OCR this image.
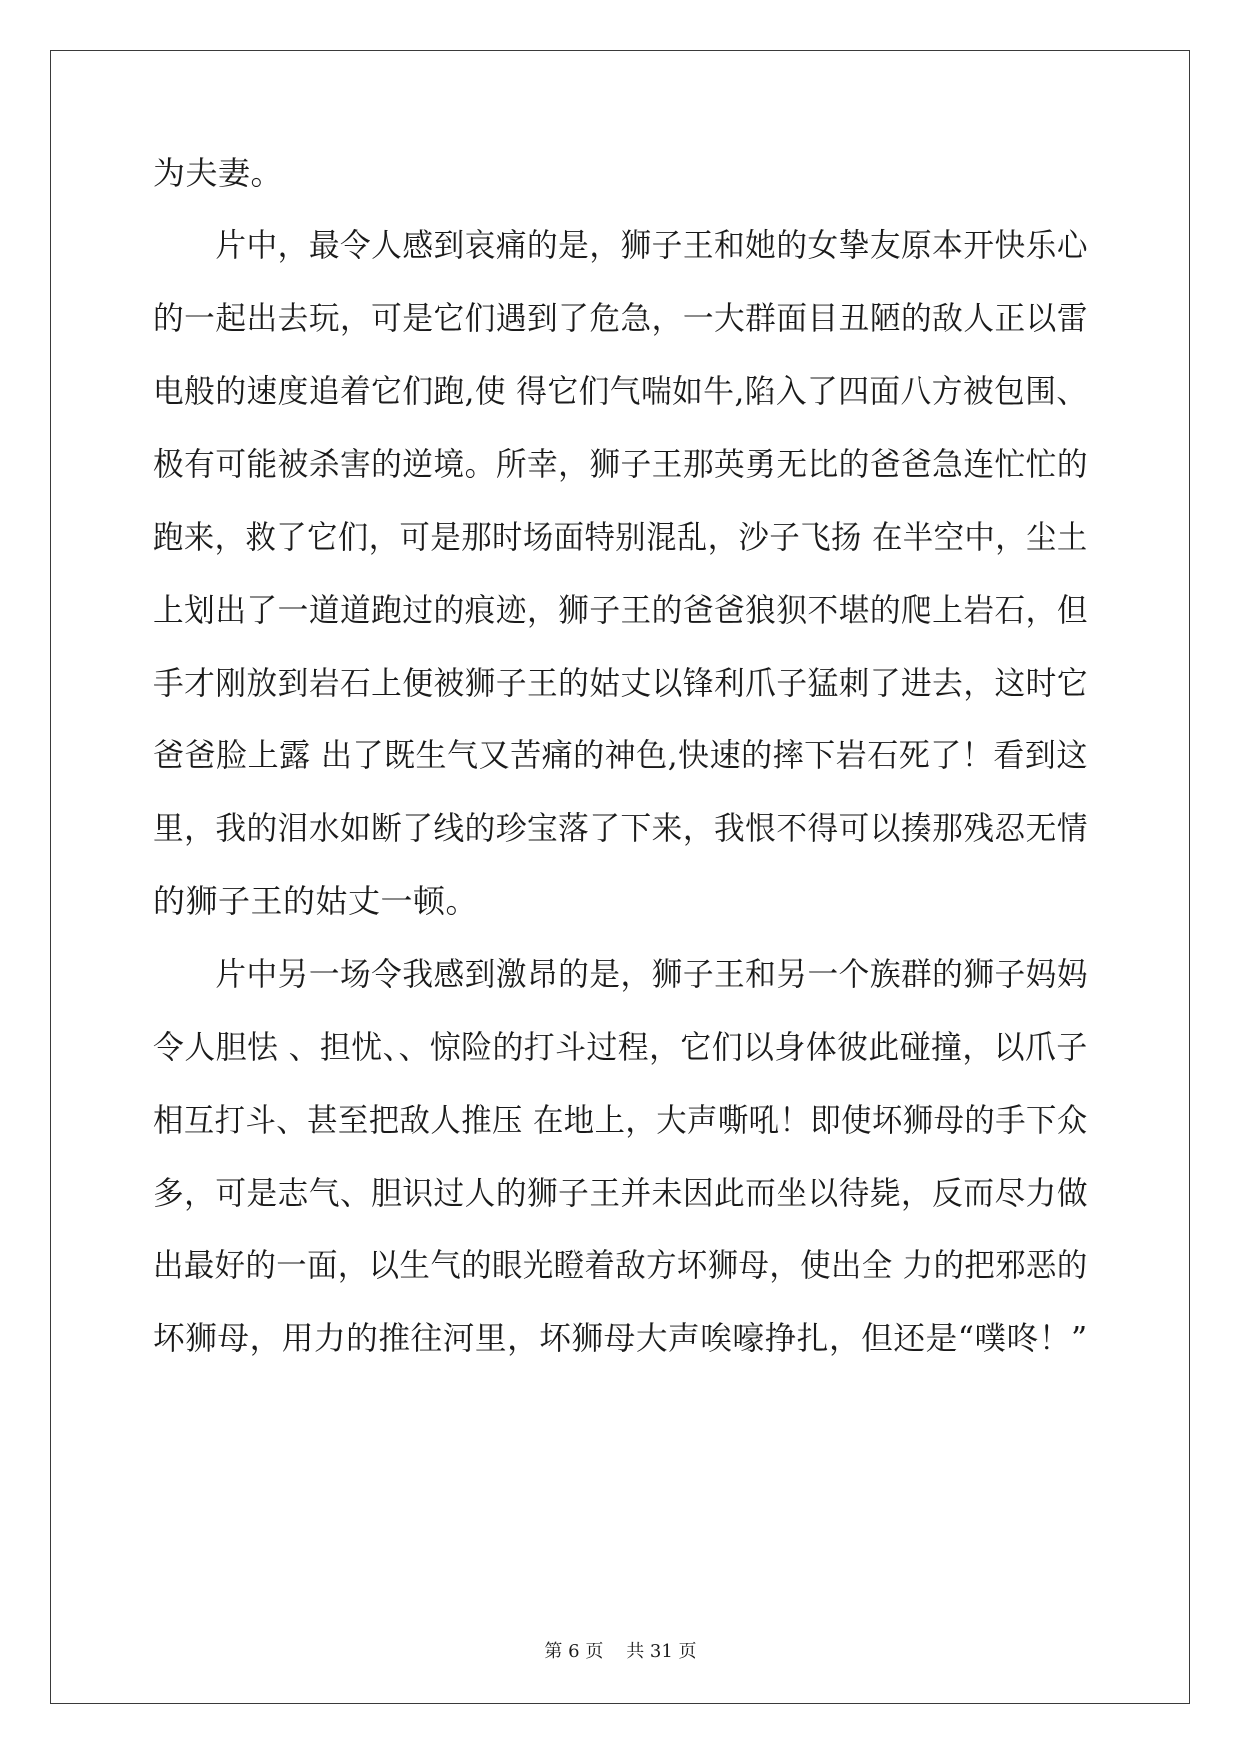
为夫妻。
　　片中，最令人感到哀痛的是，狮子王和她的女挚友原本开快乐心
的一起出去玩，可是它们遇到了危急，一大群面目丑陋的敌人正以雷
电般的速度追着它们跑,使 得它们气喘如牛,陷入了四面八方被包围、
极有可能被杀害的逆境。所幸，狮子王那英勇无比的爸爸急连忙忙的
跑来，救了它们，可是那时场面特别混乱，沙子飞扬 在半空中，尘土
上划出了一道道跑过的痕迹，狮子王的爸爸狼狈不堪的爬上岩石，但
手才刚放到岩石上便被狮子王的姑丈以锋利爪子猛刺了进去，这时它
爸爸脸上露 出了既生气又苦痛的神色,快速的摔下岩石死了！看到这
里，我的泪水如断了线的珍宝落了下来，我恨不得可以揍那残忍无情
的狮子王的姑丈一顿。
　　片中另一场令我感到激昂的是，狮子王和另一个族群的狮子妈妈
令人胆怯 、担忧、、惊险的打斗过程，它们以身体彼此碰撞，以爪子
相互打斗、甚至把敌人推压 在地上，大声嘶吼！即使坏狮母的手下众
多，可是志气、胆识过人的狮子王并未因此而坐以待毙，反而尽力做
出最好的一面，以生气的眼光瞪着敌方坏狮母，使出全 力的把邪恶的
坏狮母，用力的推往河里，坏狮母大声唉嚎挣扎，但还是“噗咚！”
第 6 页    共 31 页
